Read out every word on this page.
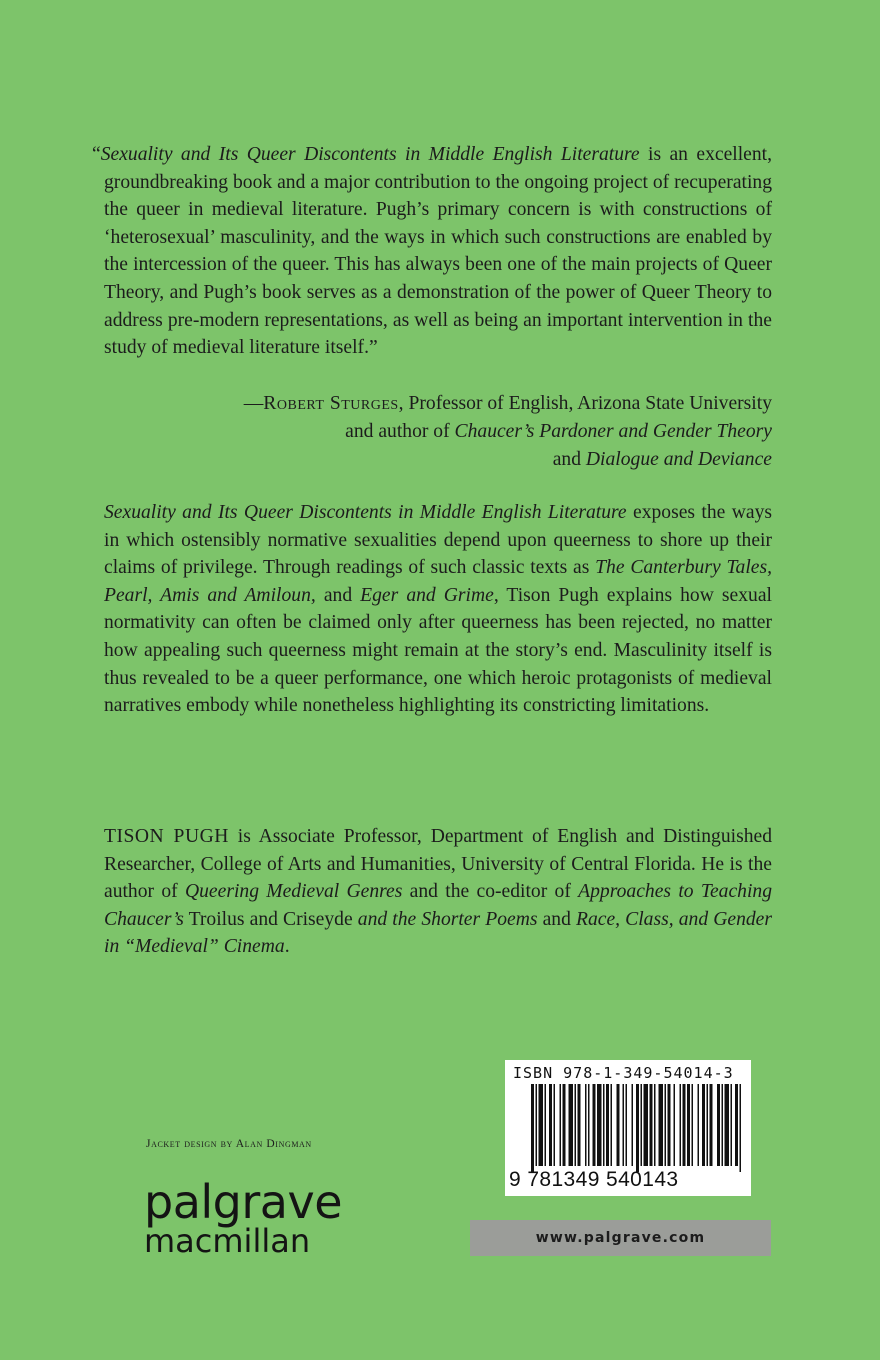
“Sexuality and Its Queer Discontents in Middle English Literature is an excellent, groundbreaking book and a major contribution to the ongoing project of recuperating the queer in medieval literature. Pugh’s primary concern is with constructions of ‘heterosexual’ masculinity, and the ways in which such constructions are enabled by the intercession of the queer. This has always been one of the main projects of Queer Theory, and Pugh’s book serves as a demonstration of the power of Queer Theory to address pre-modern representations, as well as being an important intervention in the study of medieval literature itself.”

—Robert Sturges, Professor of English, Arizona State University
and author of Chaucer’s Pardoner and Gender Theory
and Dialogue and Deviance

Sexuality and Its Queer Discontents in Middle English Literature exposes the ways in which ostensibly normative sexualities depend upon queerness to shore up their claims of privilege. Through readings of such classic texts as The Canterbury Tales, Pearl, Amis and Amiloun, and Eger and Grime, Tison Pugh explains how sexual normativity can often be claimed only after queerness has been rejected, no matter how appealing such queerness might remain at the story’s end. Masculinity itself is thus revealed to be a queer performance, one which heroic protagonists of medieval narratives embody while nonetheless highlighting its constricting limitations.

TISON PUGH is Associate Professor, Department of English and Distinguished Researcher, College of Arts and Humanities, University of Central Florida. He is the author of Queering Medieval Genres and the co-editor of Approaches to Teaching Chaucer’s Troilus and Criseyde and the Shorter Poems and Race, Class, and Gender in “Medieval” Cinema.

Jacket design by Alan Dingman
palgrave
macmillan
ISBN 978-1-349-54014-3
9 781349 540143
www.palgrave.com
